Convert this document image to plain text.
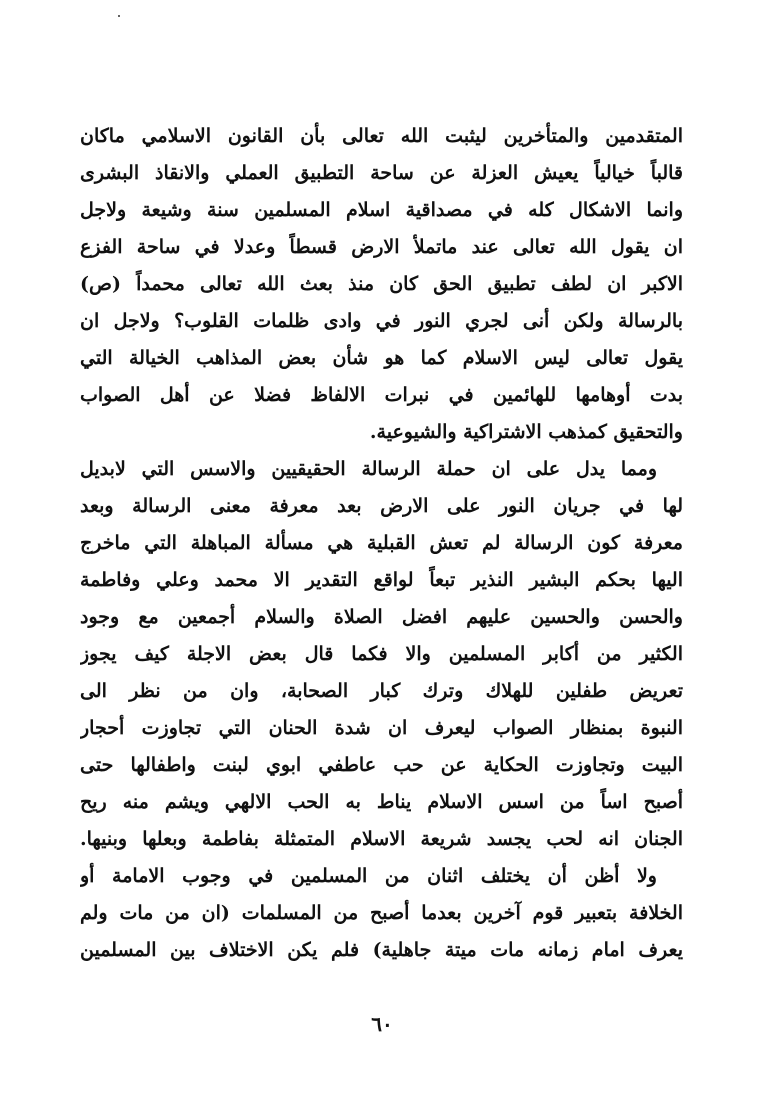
المتقدمين والمتأخرين ليثبت الله تعالى بأن القانون الاسلامي ماكان
قالباً خيالياً يعيش العزلة عن ساحة التطبيق العملي والانقاذ البشرى
وانما الاشكال كله في مصداقية اسلام المسلمين سنة وشيعة ولاجل
ان يقول الله تعالى عند ماتملأ الارض قسطاً وعدلا في ساحة الفزع
الاكبر ان لطف تطبيق الحق كان منذ بعث الله تعالى محمداً (ص)
بالرسالة ولكن أنى لجري النور في وادى ظلمات القلوب؟ ولاجل ان
يقول تعالى ليس الاسلام كما هو شأن بعض المذاهب الخيالة التي
بدت أوهامها للهائمين في نبرات الالفاظ فضلا عن أهل الصواب
والتحقيق كمذهب الاشتراكية والشيوعية.
ومما يدل على ان حملة الرسالة الحقيقيين والاسس التي لابديل
لها في جريان النور على الارض بعد معرفة معنى الرسالة وبعد
معرفة كون الرسالة لم تعش القبلية هي مسألة المباهلة التي ماخرج
اليها بحكم البشير النذير تبعاً لواقع التقدير الا محمد وعلي وفاطمة
والحسن والحسين عليهم افضل الصلاة والسلام أجمعين مع وجود
الكثير من أكابر المسلمين والا فكما قال بعض الاجلة كيف يجوز
تعريض طفلين للهلاك وترك كبار الصحابة، وان من نظر الى
النبوة بمنظار الصواب ليعرف ان شدة الحنان التي تجاوزت أحجار
البيت وتجاوزت الحكاية عن حب عاطفي ابوي لبنت واطفالها حتى
أصبح اساً من اسس الاسلام يناط به الحب الالهي ويشم منه ريح
الجنان انه لحب يجسد شريعة الاسلام المتمثلة بفاطمة وبعلها وبنيها.
ولا أظن أن يختلف اثنان من المسلمين في وجوب الامامة أو
الخلافة بتعبير قوم آخرين بعدما أصبح من المسلمات (ان من مات ولم
يعرف امام زمانه مات ميتة جاهلية) فلم يكن الاختلاف بين المسلمين
٦٠
